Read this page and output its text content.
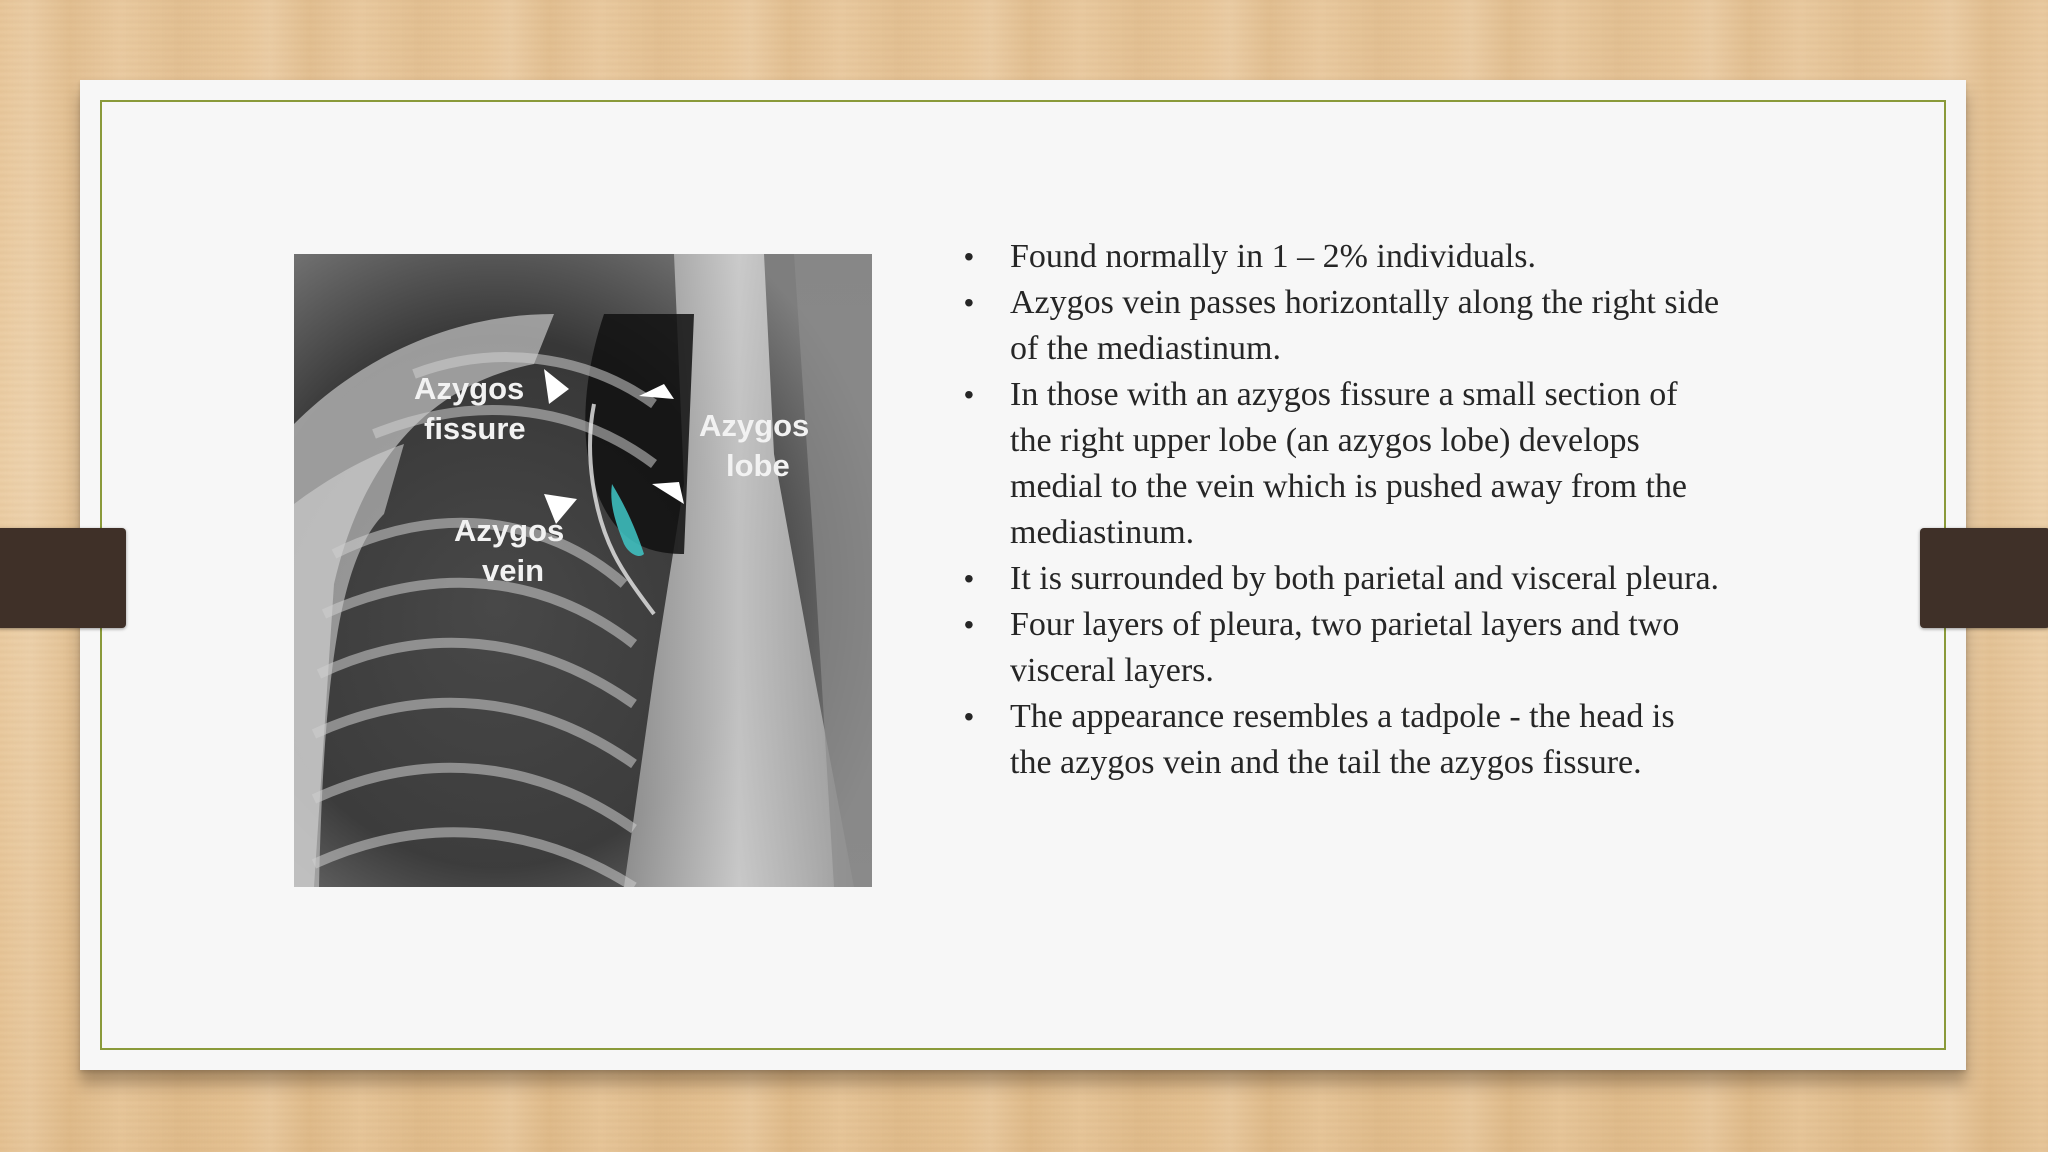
Azygos
fissure	Azygos
lobe
Azygos
vein
• Found normally in 1 – 2% individuals.
• Azygos vein passes horizontally along the right side of the mediastinum.
• In those with an azygos fissure a small section of the right upper lobe (an azygos lobe) develops medial to the vein which is pushed away from the mediastinum.
• It is surrounded by both parietal and visceral pleura.
• Four layers of pleura, two parietal layers and two visceral layers.
• The appearance resembles a tadpole - the head is the azygos vein and the tail the azygos fissure.
